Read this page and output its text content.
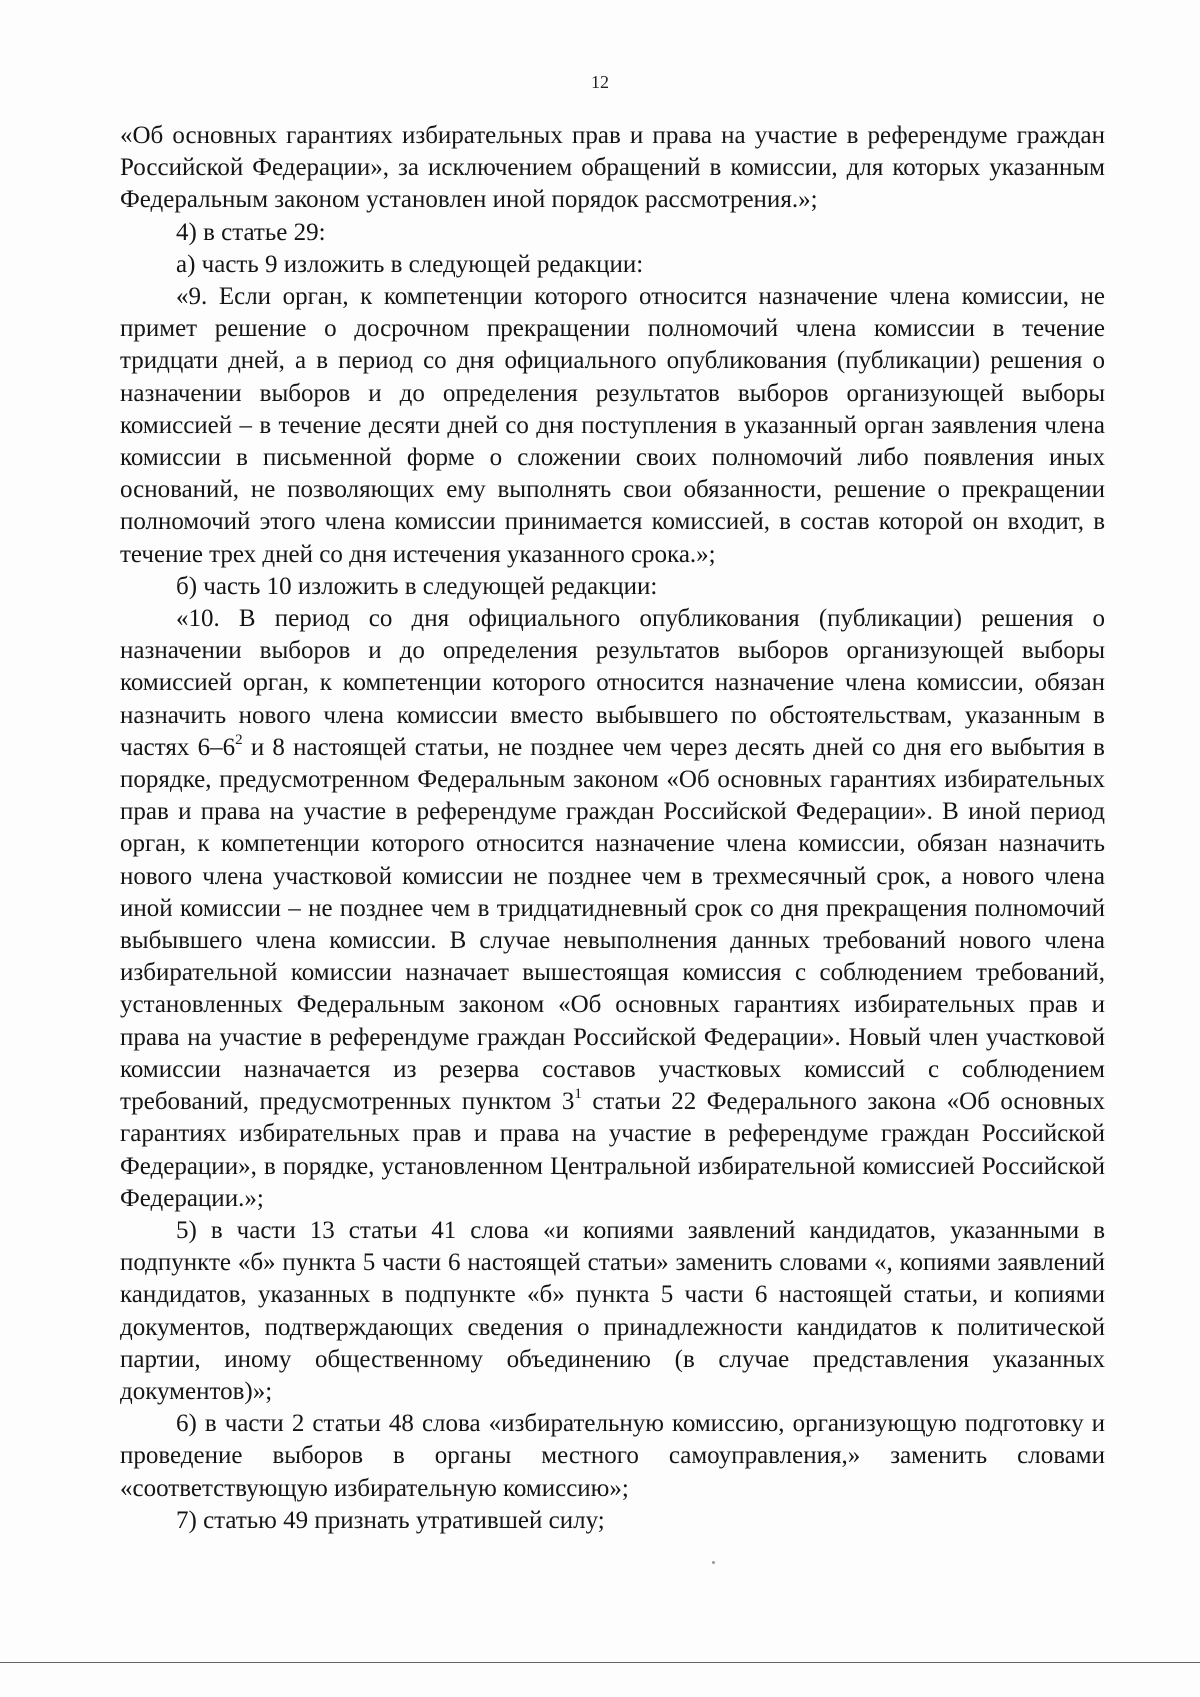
12

«Об основных гарантиях избирательных прав и права на участие в референдуме граждан Российской Федерации», за исключением обращений в комиссии, для которых указанным Федеральным законом установлен иной порядок рассмотрения.»;

4) в статье 29:

а) часть 9 изложить в следующей редакции:

«9. Если орган, к компетенции которого относится назначение члена комиссии, не примет решение о досрочном прекращении полномочий члена комиссии в течение тридцати дней, а в период со дня официального опубликования (публикации) решения о назначении выборов и до определения результатов выборов организующей выборы комиссией – в течение десяти дней со дня поступления в указанный орган заявления члена комиссии в письменной форме о сложении своих полномочий либо появления иных оснований, не позволяющих ему выполнять свои обязанности, решение о прекращении полномочий этого члена комиссии принимается комиссией, в состав которой он входит, в течение трех дней со дня истечения указанного срока.»;

б) часть 10 изложить в следующей редакции:

«10. В период со дня официального опубликования (публикации) решения о назначении выборов и до определения результатов выборов организующей выборы комиссией орган, к компетенции которого относится назначение члена комиссии, обязан назначить нового члена комиссии вместо выбывшего по обстоятельствам, указанным в частях $6-6^2$ и 8 настоящей статьи, не позднее чем через десять дней со дня его выбытия в порядке, предусмотренном Федеральным законом «Об основных гарантиях избирательных прав и права на участие в референдуме граждан Российской Федерации». В иной период орган, к компетенции которого относится назначение члена комиссии, обязан назначить нового члена участковой комиссии не позднее чем в трехмесячный срок, а нового члена иной комиссии – не позднее чем в тридцатидневный срок со дня прекращения полномочий выбывшего члена комиссии. В случае невыполнения данных требований нового члена избирательной комиссии назначает вышестоящая комиссия с соблюдением требований, установленных Федеральным законом «Об основных гарантиях избирательных прав и права на участие в референдуме граждан Российской Федерации». Новый член участковой комиссии назначается из резерва составов участковых комиссий с соблюдением требований, предусмотренных пунктом $3^1$ статьи 22 Федерального закона «Об основных гарантиях избирательных прав и права на участие в референдуме граждан Российской Федерации», в порядке, установленном Центральной избирательной комиссией Российской Федерации.»;

5) в части 13 статьи 41 слова «и копиями заявлений кандидатов, указанными в подпункте «б» пункта 5 части 6 настоящей статьи» заменить словами «, копиями заявлений кандидатов, указанных в подпункте «б» пункта 5 части 6 настоящей статьи, и копиями документов, подтверждающих сведения о принадлежности кандидатов к политической партии, иному общественному объединению (в случае представления указанных документов)»;

6) в части 2 статьи 48 слова «избирательную комиссию, организующую подготовку и проведение выборов в органы местного самоуправления,» заменить словами «соответствующую избирательную комиссию»;

7) статью 49 признать утратившей силу;
